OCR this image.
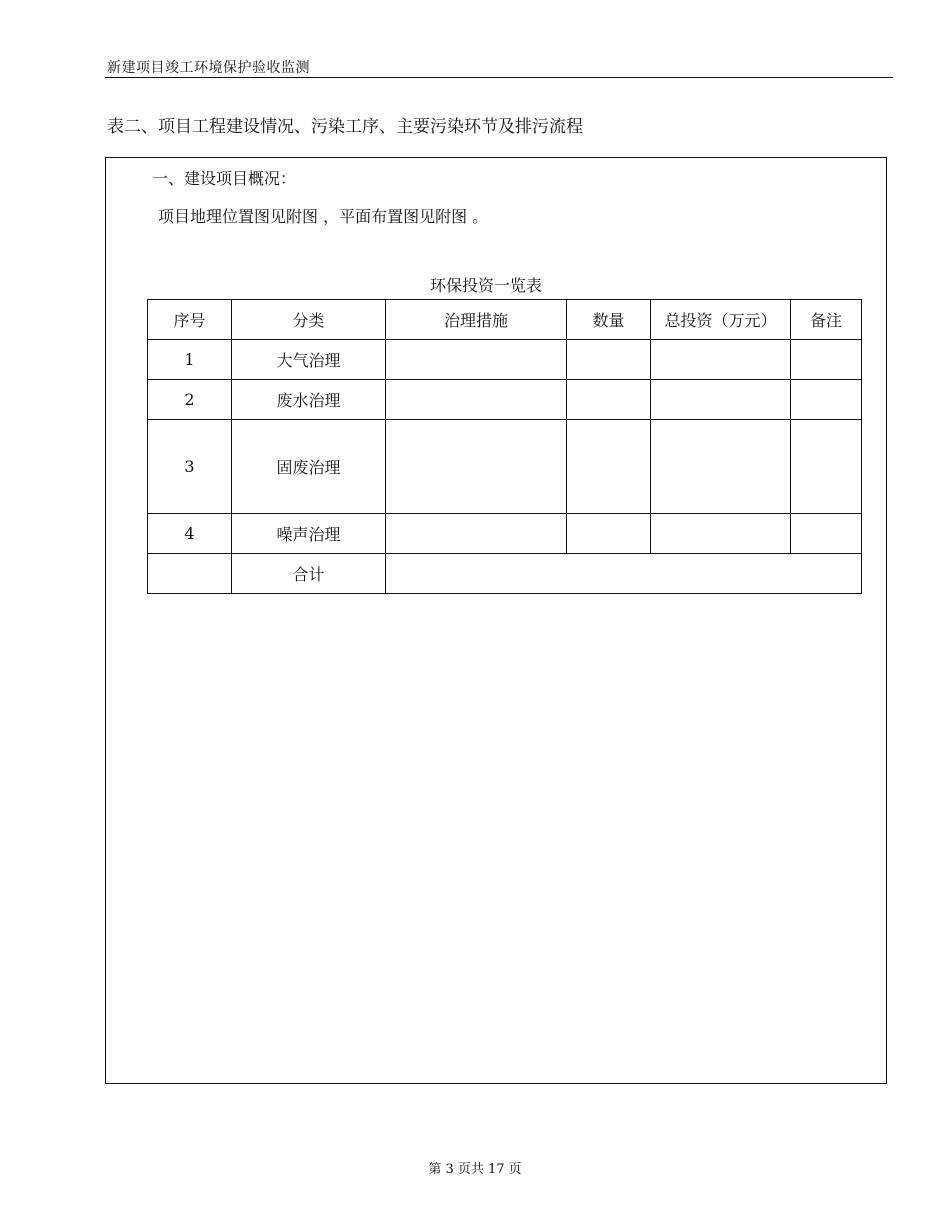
新建项目竣工环境保护验收监测
表二、项目工程建设情况、污染工序、主要污染环节及排污流程
一、建设项目概况：
项目地理位置图见附图 ，平面布置图见附图 。
环保投资一览表
序号	分类	治理措施	数量	总投资（万元）	备注
1	大气治理				
2	废水治理				
3	固废治理				
4	噪声治理				
	合计				
第 3 页共 17 页
